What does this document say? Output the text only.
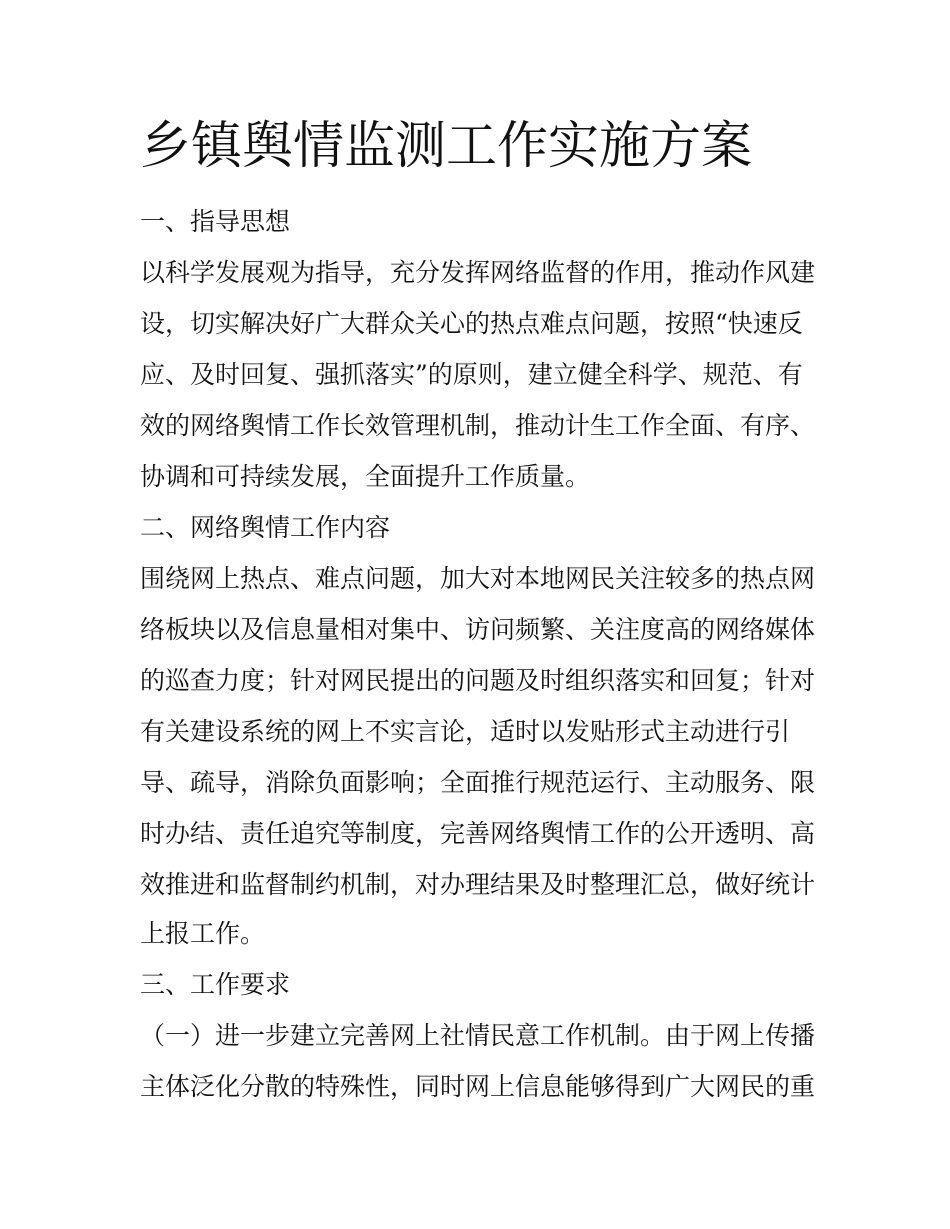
乡镇舆情监测工作实施方案

一、指导思想

以科学发展观为指导，充分发挥网络监督的作用，推动作风建

设，切实解决好广大群众关心的热点难点问题，按照“快速反

应、及时回复、强抓落实”的原则，建立健全科学、规范、有

效的网络舆情工作长效管理机制，推动计生工作全面、有序、

协调和可持续发展，全面提升工作质量。

二、网络舆情工作内容

围绕网上热点、难点问题，加大对本地网民关注较多的热点网

络板块以及信息量相对集中、访问频繁、关注度高的网络媒体

的巡查力度；针对网民提出的问题及时组织落实和回复；针对

有关建设系统的网上不实言论，适时以发贴形式主动进行引

导、疏导，消除负面影响；全面推行规范运行、主动服务、限

时办结、责任追究等制度，完善网络舆情工作的公开透明、高

效推进和监督制约机制，对办理结果及时整理汇总，做好统计

上报工作。

三、工作要求

（一）进一步建立完善网上社情民意工作机制。由于网上传播

主体泛化分散的特殊性，同时网上信息能够得到广大网民的重
